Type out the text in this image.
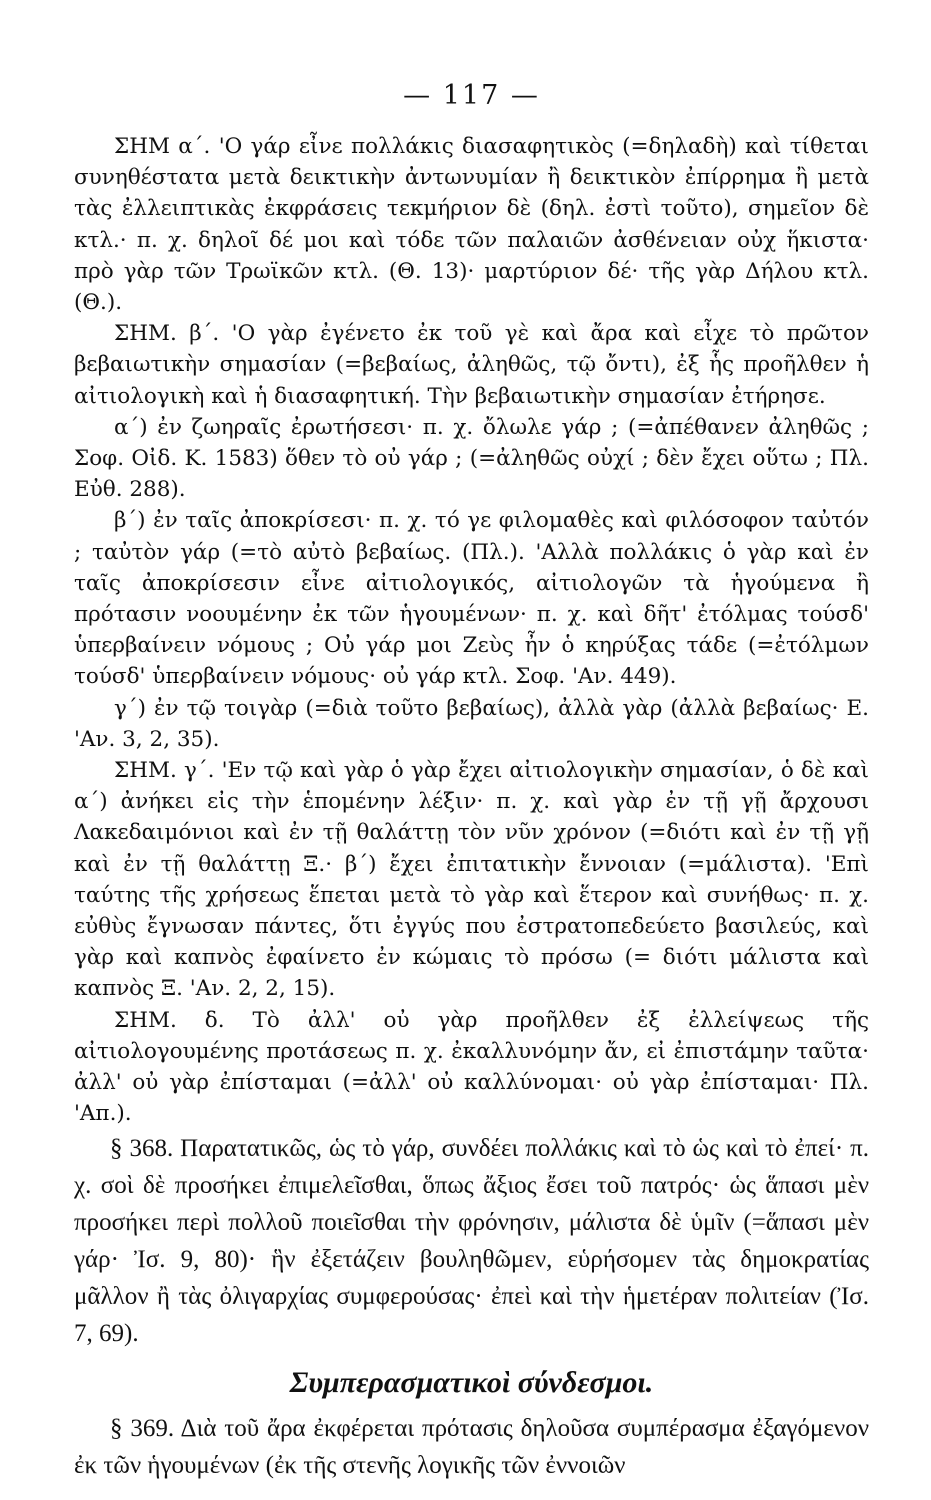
— 117 —

ΣΗΜ α΄. 'Ο γάρ εἶνε πολλάκις διασαφητικὸς (=δηλαδὴ) καὶ τίθεται συνηθέστατα μετὰ δεικτικὴν ἀντωνυμίαν ἢ δεικτικὸν ἐπίρρημα ἢ μετὰ τὰς ἐλλειπτικὰς ἐκφράσεις τεκμήριον δὲ (δηλ. ἐστὶ τοῦτο), σημεῖον δὲ κτλ.· π. χ. δηλοῖ δέ μοι καὶ τόδε τῶν παλαιῶν ἀσθένειαν οὐχ ἥκιστα· πρὸ γὰρ τῶν Τρωϊκῶν κτλ. (Θ. 13)· μαρτύριον δέ· τῆς γὰρ Δήλου κτλ. (Θ.).

ΣΗΜ. β΄. 'Ο γὰρ ἐγένετο ἐκ τοῦ γὲ καὶ ἄρα καὶ εἶχε τὸ πρῶτον βεβαιωτικὴν σημασίαν (=βεβαίως, ἀληθῶς, τῷ ὄντι), ἐξ ἧς προῆλθεν ἡ αἰτιολογικὴ καὶ ἡ διασαφητική. Τὴν βεβαιωτικὴν σημασίαν ἐτήρησε.

α΄) ἐν ζωηραῖς ἐρωτήσεσι· π. χ. ὄλωλε γάρ ; (=ἀπέθανεν ἀληθῶς ; Σοφ. Οἰδ. Κ. 1583) ὅθεν τὸ οὐ γάρ ; (=ἀληθῶς οὐχί ; δὲν ἔχει οὕτω ; Πλ. Εὐθ. 288).

β΄) ἐν ταῖς ἀποκρίσεσι· π. χ. τό γε φιλομαθὲς καὶ φιλόσοφον ταὐτόν ; ταὐτὸν γάρ (=τὸ αὐτὸ βεβαίως. (Πλ.). 'Αλλὰ πολλάκις ὁ γὰρ καὶ ἐν ταῖς ἀποκρίσεσιν εἶνε αἰτιολογικός, αἰτιολογῶν τὰ ἡγούμενα ἢ πρότασιν νοουμένην ἐκ τῶν ἡγουμένων· π. χ. καὶ δῆτ' ἐτόλμας τούσδ' ὑπερβαίνειν νόμους ; Οὐ γάρ μοι Ζεὺς ἦν ὁ κηρύξας τάδε (=ἐτόλμων τούσδ' ὑπερβαίνειν νόμους· οὐ γάρ κτλ. Σοφ. 'Αν. 449).

γ΄) ἐν τῷ τοιγὰρ (=διὰ τοῦτο βεβαίως), ἀλλὰ γὰρ (ἀλλὰ βεβαίως· Ε. 'Αν. 3, 2, 35).

ΣΗΜ. γ΄. 'Εν τῷ καὶ γὰρ ὁ γὰρ ἔχει αἰτιολογικὴν σημασίαν, ὁ δὲ καὶ α΄) ἀνήκει εἰς τὴν ἑπομένην λέξιν· π. χ. καὶ γὰρ ἐν τῇ γῇ ἄρχουσι Λακεδαιμόνιοι καὶ ἐν τῇ θαλάττῃ τὸν νῦν χρόνον (=διότι καὶ ἐν τῇ γῇ καὶ ἐν τῇ θαλάττῃ Ξ.· β΄) ἔχει ἐπιτατικὴν ἔννοιαν (=μάλιστα). 'Επὶ ταύτης τῆς χρήσεως ἕπεται μετὰ τὸ γὰρ καὶ ἕτερον καὶ συνήθως· π. χ. εὐθὺς ἔγνωσαν πάντες, ὅτι ἐγγύς που ἐστρατοπεδεύετο βασιλεύς, καὶ γὰρ καὶ καπνὸς ἐφαίνετο ἐν κώμαις τὸ πρόσω (= διότι μάλιστα καὶ καπνὸς Ξ. 'Αν. 2, 2, 15).

ΣΗΜ. δ. Τὸ ἀλλ' οὐ γὰρ προῆλθεν ἐξ ἐλλείψεως τῆς αἰτιολογουμένης προτάσεως π. χ. ἐκαλλυνόμην ἄν, εἰ ἐπιστάμην ταῦτα· ἀλλ' οὐ γὰρ ἐπίσταμαι (=ἀλλ' οὐ καλλύνομαι· οὐ γὰρ ἐπίσταμαι· Πλ. 'Απ.).

§ 368. Παρατατικῶς, ὡς τὸ γάρ, συνδέει πολλάκις καὶ τὸ ὡς καὶ τὸ ἐπεί· π. χ. σοὶ δὲ προσήκει ἐπιμελεῖσθαι, ὅπως ἄξιος ἔσει τοῦ πατρός· ὡς ἅπασι μὲν προσήκει περὶ πολλοῦ ποιεῖσθαι τὴν φρόνησιν, μάλιστα δὲ ὑμῖν (=ἅπασι μὲν γάρ· Ἰσ. 9, 80)· ἣν ἐξετάζειν βουληθῶμεν, εὑρήσομεν τὰς δημοκρατίας μᾶλλον ἢ τὰς ὀλιγαρχίας συμφερούσας· ἐπεὶ καὶ τὴν ἡμετέραν πολιτείαν (Ἰσ. 7, 69).

Συμπερασματικοὶ σύνδεσμοι.

§ 369. Διὰ τοῦ ἄρα ἐκφέρεται πρότασις δηλοῦσα συμπέρασμα ἐξαγόμενον ἐκ τῶν ἡγουμένων (ἐκ τῆς στενῆς λογικῆς τῶν ἐννοιῶν
